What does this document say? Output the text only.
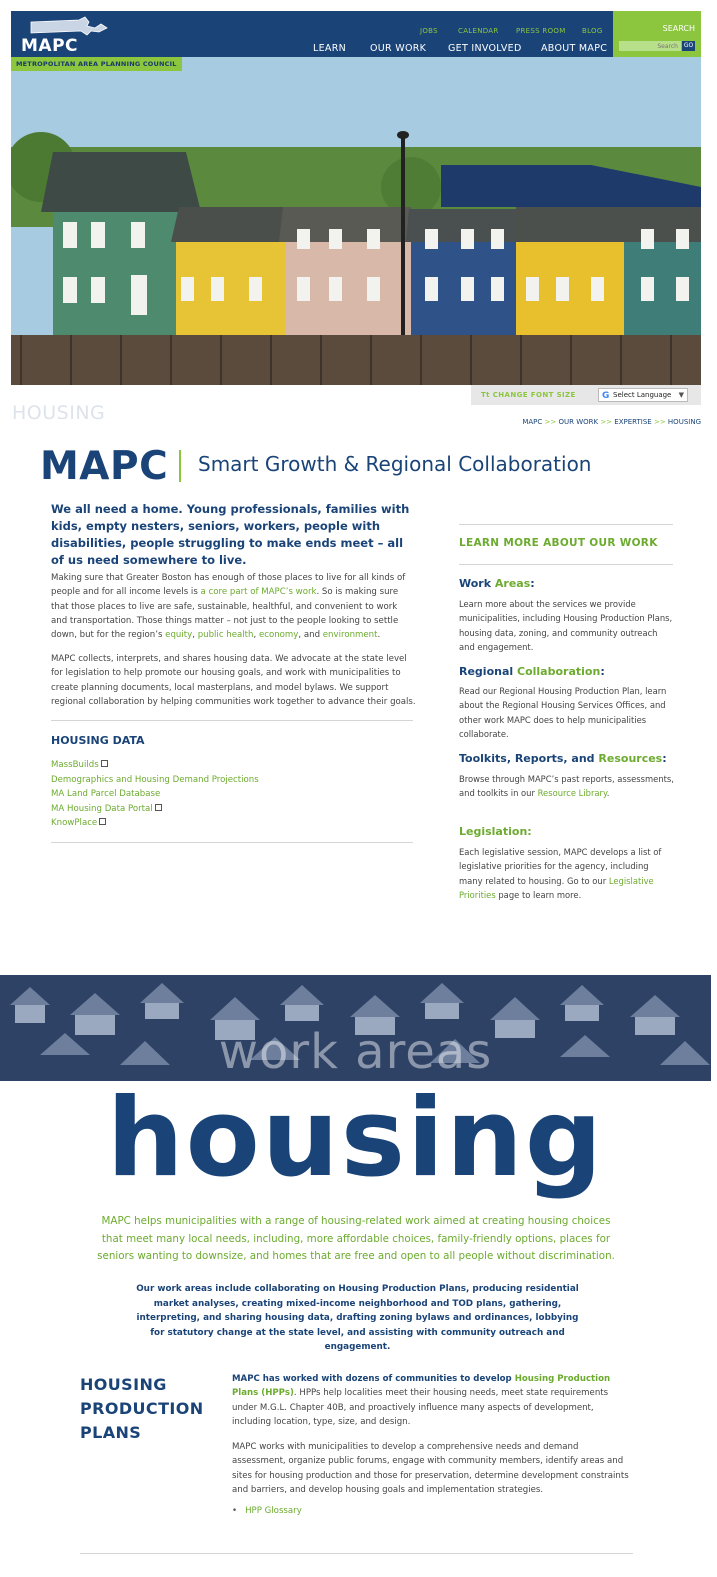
MAPC
JOBS	CALENDAR PRESS ROOM BLOG
LEARN	OUR WORK	GET INVOLVED ABOUT MAPC
SEARCH
Search
GO
METROPOLITAN AREA PLANNING COUNCIL
Tt CHANGE FONT SIZE	G Select Language ▼
HOUSING	MAPC >> OUR WORK >> EXPERTISE >> HOUSING
MAPC Smart Growth & Regional Collaboration
We all need a home. Young professionals, families with kids, empty nesters, seniors, workers, people with disabilities, people struggling to make ends meet – all of us need somewhere to live.
Making sure that Greater Boston has enough of those places to live for all kinds of people and for all income levels is a core part of MAPC’s work. So is making sure that those places to live are safe, sustainable, healthful, and convenient to work and transportation. Those things matter – not just to the people looking to settle down, but for the region’s equity, public health, economy, and environment.
MAPC collects, interprets, and shares housing data. We advocate at the state level for legislation to help promote our housing goals, and work with municipalities to create planning documents, local masterplans, and model bylaws. We support regional collaboration by helping communities work together to advance their goals.
HOUSING DATA
MassBuilds
Demographics and Housing Demand Projections
MA Land Parcel Database
MA Housing Data Portal
KnowPlace
LEARN MORE ABOUT OUR WORK
Work Areas:
Learn more about the services we provide municipalities, including Housing Production Plans, housing data, zoning, and community outreach and engagement.
Regional Collaboration:
Read our Regional Housing Production Plan, learn about the Regional Housing Services Offices, and other work MAPC does to help municipalities collaborate.
Toolkits, Reports, and Resources:
Browse through MAPC’s past reports, assessments, and toolkits in our Resource Library.
Legislation:
Each legislative session, MAPC develops a list of legislative priorities for the agency, including many related to housing. Go to our Legislative Priorities page to learn more.
work areas
housing
MAPC helps municipalities with a range of housing-related work aimed at creating housing choices that meet many local needs, including, more affordable choices, family-friendly options, places for seniors wanting to downsize, and homes that are free and open to all people without discrimination.
Our work areas include collaborating on Housing Production Plans, producing residential market analyses, creating mixed-income neighborhood and TOD plans, gathering, interpreting, and sharing housing data, drafting zoning bylaws and ordinances, lobbying for statutory change at the state level, and assisting with community outreach and engagement.
HOUSING
PRODUCTION
PLANS
MAPC has worked with dozens of communities to develop Housing Production Plans (HPPs). HPPs help localities meet their housing needs, meet state requirements under M.G.L. Chapter 40B, and proactively influence many aspects of development, including location, type, size, and design.
MAPC works with municipalities to develop a comprehensive needs and demand assessment, organize public forums, engage with community members, identify areas and sites for housing production and those for preservation, determine development constraints and barriers, and develop housing goals and implementation strategies.
• HPP Glossary
